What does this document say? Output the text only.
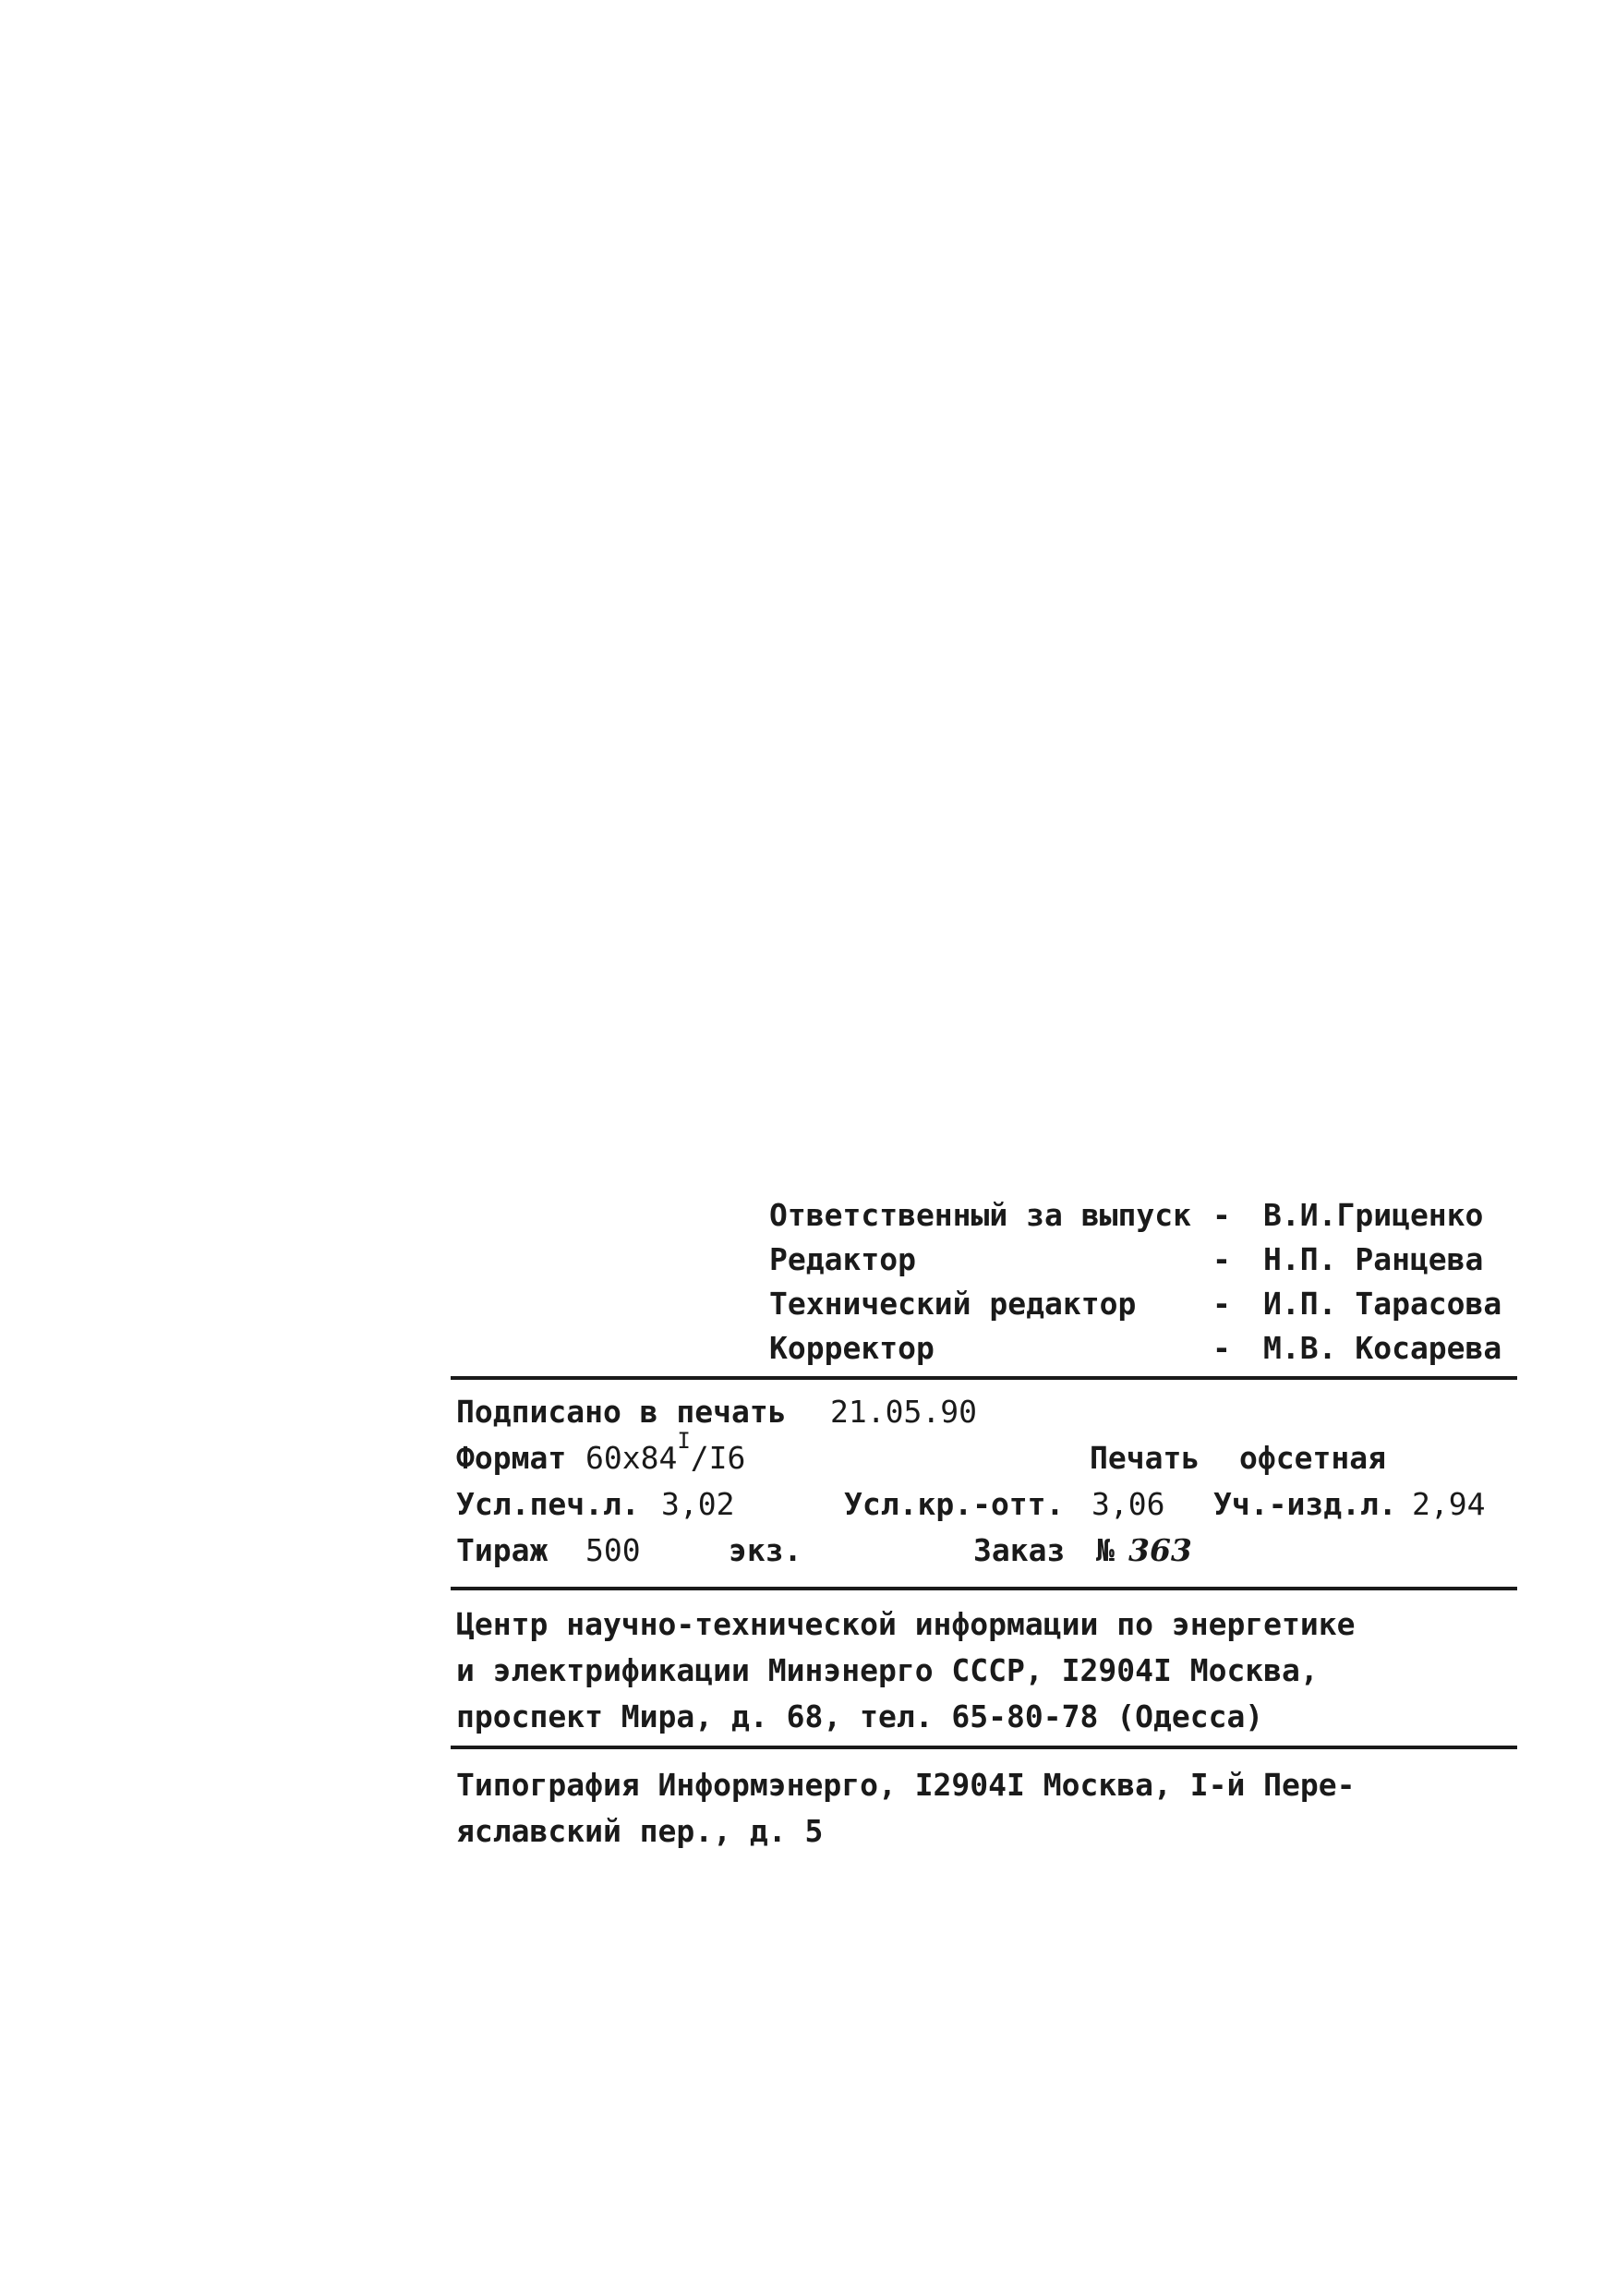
Ответственный за выпуск -	В.И.Гриценко
Редактор	-	Н.П. Ранцева
Технический редактор	-	И.П. Тарасова
Корректор	-	М.В. Косарева
Подписано в печать 21.05.90
Формат $60х84^I/I6$	Печать офсетная
Усл.печ.л. 3,02	Усл.кр.-отт. 3,06 Уч.-изд.л. 2,94
Тираж 500	экз.	Заказ № 363
Центр научно-технической информации по энергетике
и электрификации Минэнерго СССР, I2904I Москва,
проспект Мира, д. 68, тел. 65-80-78 (Одесса)
Типография Информэнерго, I2904I Москва, I-й Пере-
яславский пер., д. 5
